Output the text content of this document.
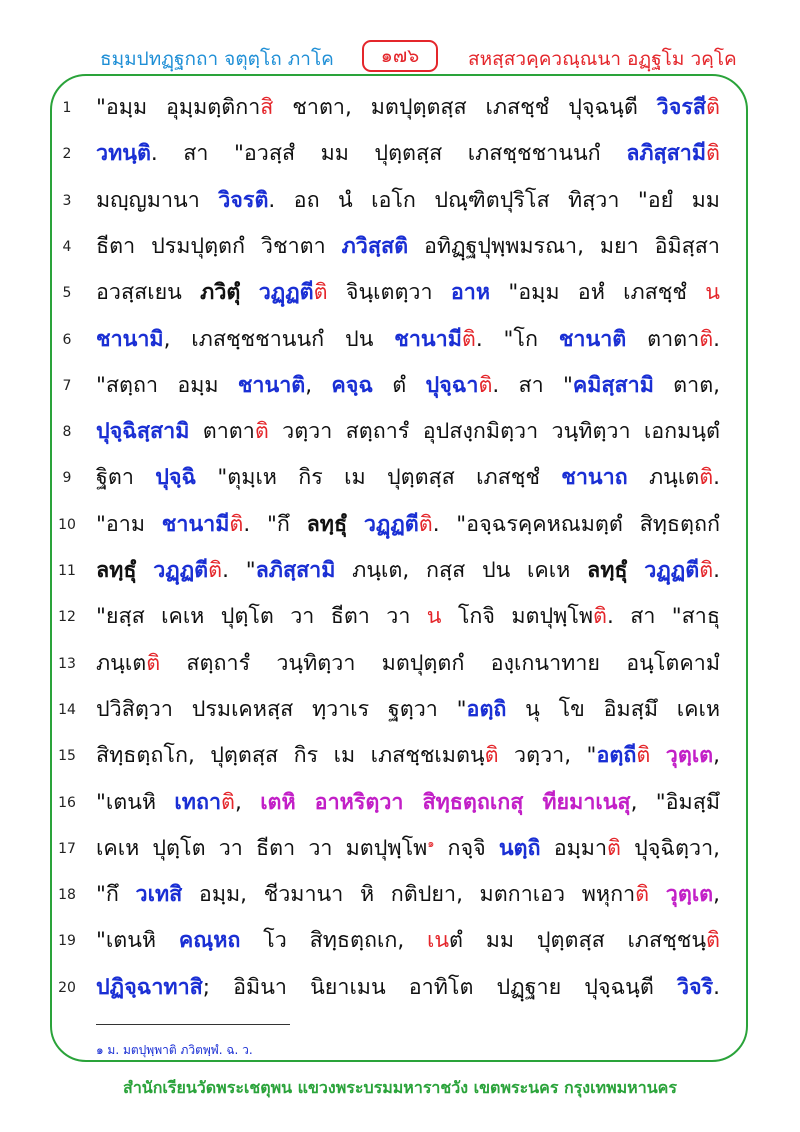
ธมฺมปทฏฺฐกถา จตุตฺโถ ภาโค	๑๗๖	สหสฺสวคฺควณฺณนา อฏฺฐโม วคฺโค
1	"อมฺม อุมฺมตฺติกาสิ ชาตา, มตปุตฺตสฺส เภสชฺชํ ปุจฺฉนฺตี วิจรสีติ
2	วทนฺติ. สา "อวสฺสํ มม ปุตฺตสฺส เภสชฺชชานนกํ ลภิสฺสามีติ
3	มญฺญมานา วิจรติ. อถ นํ เอโก ปณฺฑิตปุริโส ทิสฺวา "อยํ มม
4	ธีตา ปรมปุตฺตกํ วิชาตา ภวิสฺสติ อทิฏฺฐปุพฺพมรณา, มยา อิมิสฺสา
5	อวสฺสเยน ภวิตุํ วฏฺฏตีติ จินฺเตตฺวา อาห "อมฺม อหํ เภสชฺชํ น
6	ชานามิ, เภสชฺชชานนกํ ปน ชานามีติ. "โก ชานาติ ตาตาติ.
7	"สตฺถา อมฺม ชานาติ, คจฺฉ ตํ ปุจฺฉาติ. สา "คมิสฺสามิ ตาต,
8	ปุจฺฉิสฺสามิ ตาตาติ วตฺวา สตฺถารํ อุปสงฺกมิตฺวา วนฺทิตฺวา เอกมนฺตํ
9	ฐิตา ปุจฺฉิ "ตุมฺเห กิร เม ปุตฺตสฺส เภสชฺชํ ชานาถ ภนฺเตติ.
10 "อาม ชานามีติ. "กึ ลทฺธุํ วฏฺฏตีติ. "อจฺฉรคฺคหณมตฺตํ สิทฺธตฺถกํ
11 ลทฺธุํ วฏฺฏตีติ. "ลภิสฺสามิ ภนฺเต, กสฺส ปน เคเห ลทฺธุํ วฏฺฏตีติ.
12 "ยสฺส เคเห ปุตฺโต วา ธีตา วา น โกจิ มตปุพฺโพติ. สา "สาธุ
13 ภนฺเตติ สตฺถารํ วนฺทิตฺวา มตปุตฺตกํ องฺเกนาทาย อนฺโตคามํ
14 ปวิสิตฺวา ปรมเคหสฺส ทฺวาเร ฐตฺวา "อตฺถิ นุ โข อิมสฺมึ เคเห
15 สิทฺธตฺถโก, ปุตฺตสฺส กิร เม เภสชฺชเมตนฺติ วตฺวา, "อตฺถีติ วุตฺเต,
16 "เตนหิ เทถาติ, เตหิ อาหริตฺวา สิทฺธตฺถเกสุ ทียมาเนสุ, "อิมสฺมึ
17 เคเห ปุตฺโต วา ธีตา วา มตปุพฺโพ$^๑$ กจฺจิ นตฺถิ อมฺมาติ ปุจฺฉิตฺวา,
18 "กึ วเทสิ อมฺม, ชีวมานา หิ กติปยา, มตกาเอว พหุกาติ วุตฺเต,
19 "เตนหิ คณฺหถ โว สิทฺธตฺถเก, เนตํ มม ปุตฺตสฺส เภสชฺชนฺติ
20 ปฏิจฺฉาทาสิ; อิมินา นิยาเมน อาทิโต ปฏฺฐาย ปุจฺฉนฺตี วิจริ.
๑ ม. มตปุพฺพาติ ภวิตพฺพํ. ฉ. ว.
สำนักเรียนวัดพระเชตุพน แขวงพระบรมมหาราชวัง เขตพระนคร กรุงเทพมหานคร
